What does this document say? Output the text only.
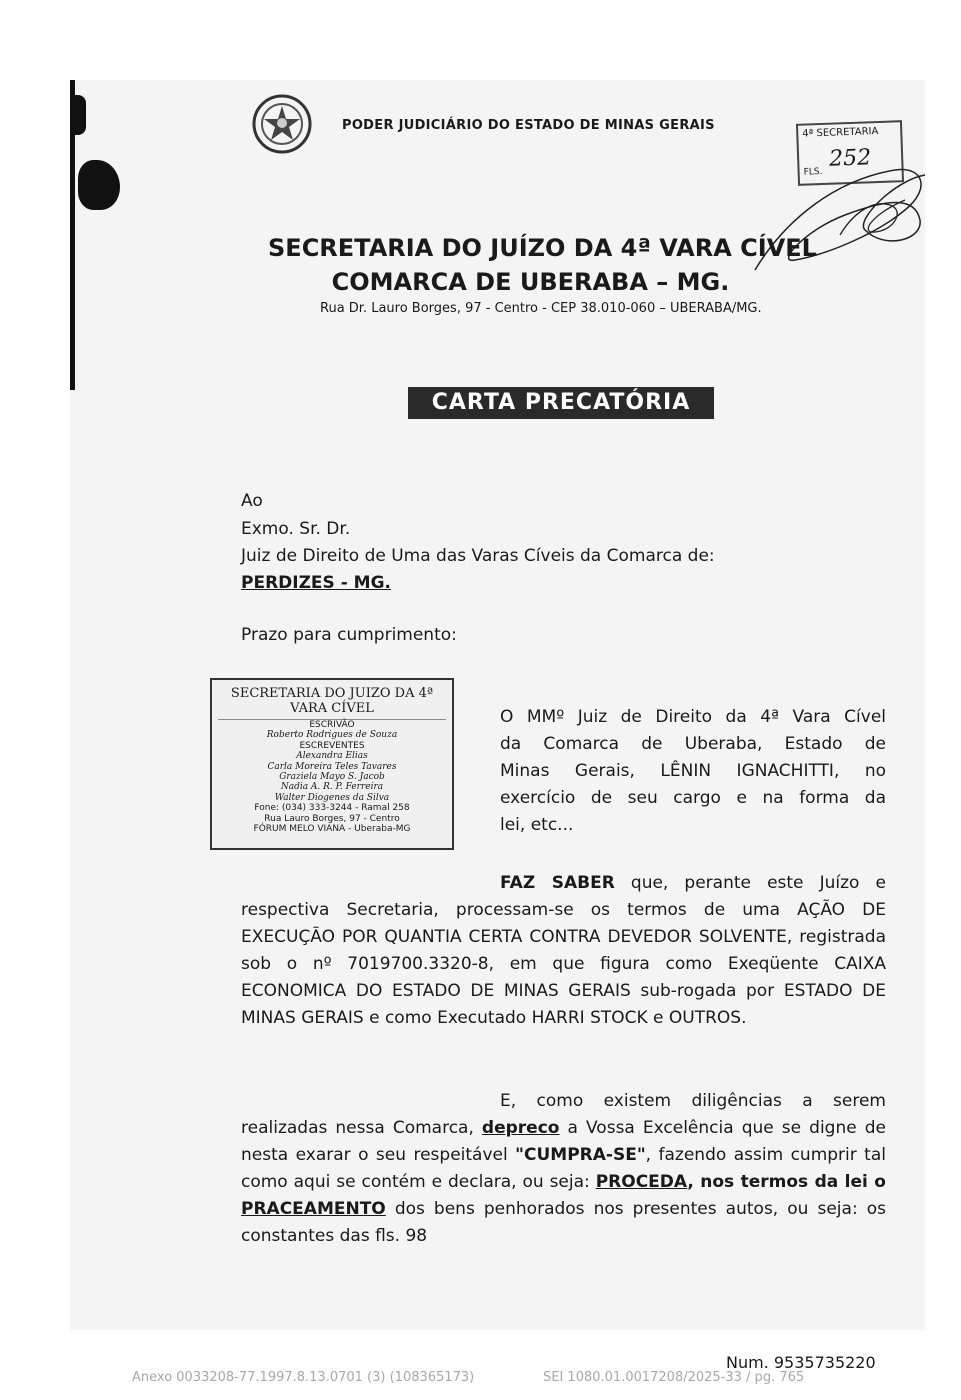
PODER JUDICIÁRIO DO ESTADO DE MINAS GERAIS	4ª SECRETARIA
FLS.
252
SECRETARIA DO JUÍZO DA 4ª VARA CÍVEL
COMARCA DE UBERABA – MG.
Rua Dr. Lauro Borges, 97 - Centro - CEP 38.010-060 – UBERABA/MG.
CARTA PRECATÓRIA
Ao
Exmo. Sr. Dr.
Juiz de Direito de Uma das Varas Cíveis da Comarca de:
PERDIZES - MG.
Prazo para cumprimento:
SECRETARIA DO JUIZO DA 4ª VARA CÍVEL
ESCRIVÃO
Roberto Rodrigues de Souza
ESCREVENTES
Alexandra Elias
Carla Moreira Teles Tavares
Graziela Mayo S. Jacob
Nadia A. R. P. Ferreira
Walter Diogenes da Silva
Fone: (034) 333-3244 - Ramal 258
Rua Lauro Borges, 97 - Centro
FÓRUM MELO VIANA - Uberaba-MG
O MMº Juiz de Direito da 4ª Vara Cível
da Comarca de Uberaba, Estado de
Minas Gerais, LÊNIN IGNACHITTI, no
exercício de seu cargo e na forma da
lei, etc...
FAZ SABER que, perante este Juízo e respectiva Secretaria, processam-se os termos de uma AÇÃO DE EXECUÇÃO POR QUANTIA CERTA CONTRA DEVEDOR SOLVENTE, registrada sob o nº 7019700.3320-8, em que figura como Exeqüente CAIXA ECONOMICA DO ESTADO DE MINAS GERAIS sub-rogada por ESTADO DE MINAS GERAIS e como Executado HARRI STOCK e OUTROS.
E, como existem diligências a serem realizadas nessa Comarca, depreco a Vossa Excelência que se digne de nesta exarar o seu respeitável "CUMPRA-SE", fazendo assim cumprir tal como aqui se contém e declara, ou seja: PROCEDA, nos termos da lei o PRACEAMENTO dos bens penhorados nos presentes autos, ou seja: os constantes das fls. 98
Num. 9535735220
Anexo 0033208-77.1997.8.13.0701 (3) (108365173)	SEI 1080.01.0017208/2025-33 / pg. 765
